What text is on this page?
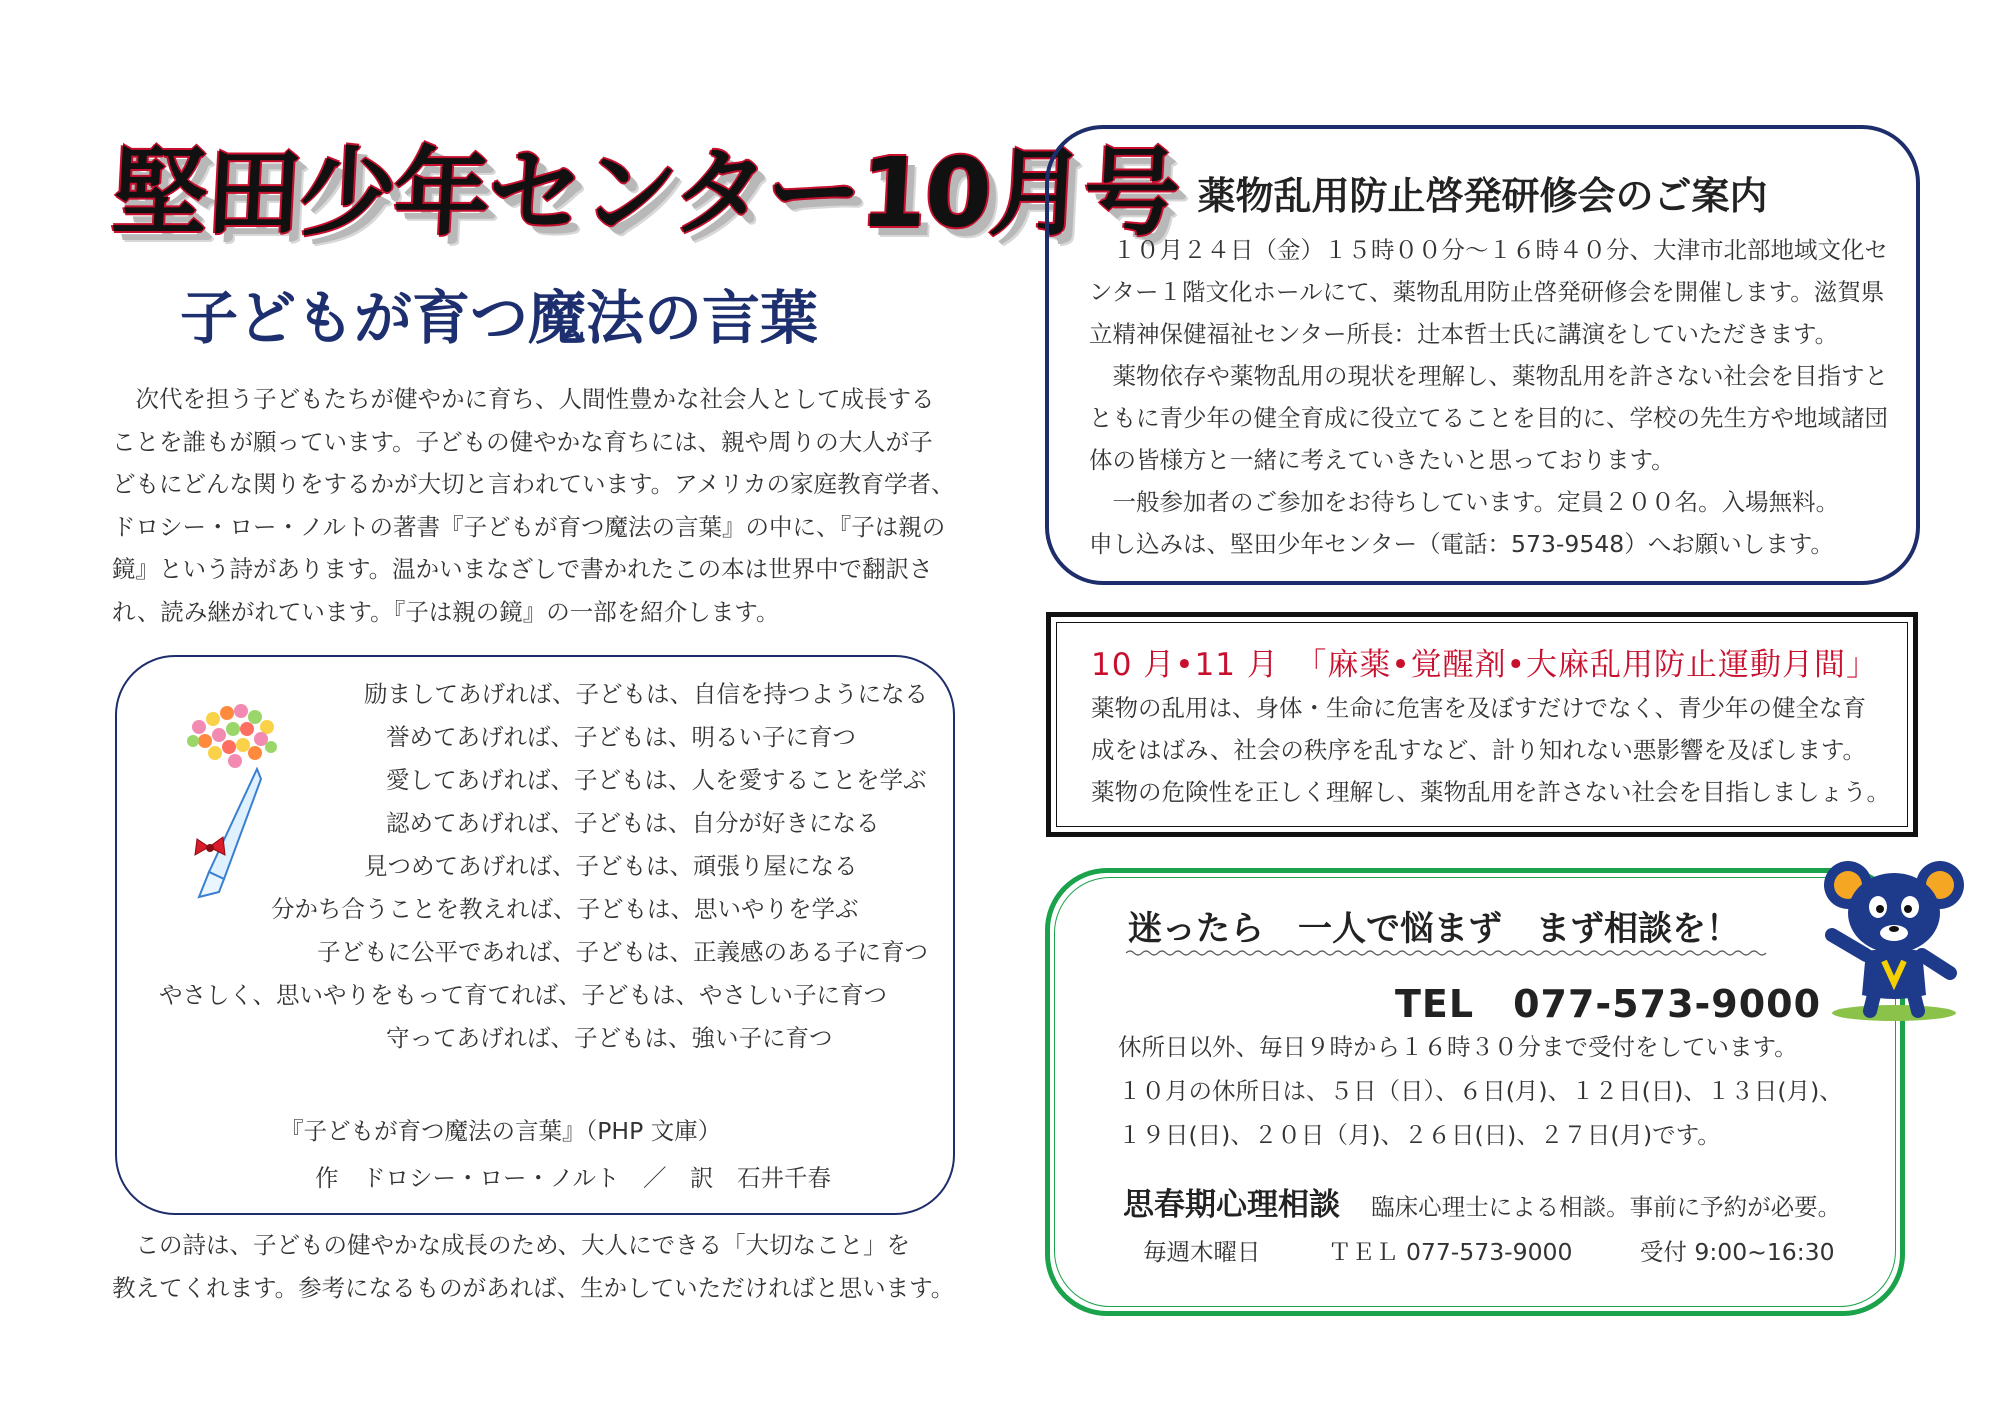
堅田少年センター10月号
子どもが育つ魔法の言葉
次代を担う子どもたちが健やかに育ち、人間性豊かな社会人として成長する
ことを誰もが願っています。子どもの健やかな育ちには、親や周りの大人が子
どもにどんな関りをするかが大切と言われています。アメリカの家庭教育学者、
ドロシー・ロー・ノルトの著書『子どもが育つ魔法の言葉』の中に、『子は親の
鏡』という詩があります。温かいまなざしで書かれたこの本は世界中で翻訳さ
れ、読み継がれています。『子は親の鏡』の一部を紹介します。
励ましてあげれば、子どもは、自信を持つようになる
誉めてあげれば、子どもは、明るい子に育つ
愛してあげれば、子どもは、人を愛することを学ぶ
認めてあげれば、子どもは、自分が好きになる
見つめてあげれば、子どもは、頑張り屋になる
分かち合うことを教えれば、子どもは、思いやりを学ぶ
子どもに公平であれば、子どもは、正義感のある子に育つ
やさしく、思いやりをもって育てれば、子どもは、やさしい子に育つ
守ってあげれば、子どもは、強い子に育つ
『子どもが育つ魔法の言葉』（PHP 文庫）
作　ドロシー・ロー・ノルト　／　訳　石井千春
この詩は、子どもの健やかな成長のため、大人にできる「大切なこと」を
教えてくれます。参考になるものがあれば、生かしていただければと思います。
薬物乱用防止啓発研修会のご案内
１０月２４日（金）１５時００分～１６時４０分、大津市北部地域文化セ
ンター１階文化ホールにて、薬物乱用防止啓発研修会を開催します。滋賀県
立精神保健福祉センター所長：辻本哲士氏に講演をしていただきます。
薬物依存や薬物乱用の現状を理解し、薬物乱用を許さない社会を目指すと
ともに青少年の健全育成に役立てることを目的に、学校の先生方や地域諸団
体の皆様方と一緒に考えていきたいと思っております。
一般参加者のご参加をお待ちしています。定員２００名。入場無料。
申し込みは、堅田少年センター（電話：573-9548）へお願いします。
10 月•11 月　「麻薬•覚醒剤•大麻乱用防止運動月間」
薬物の乱用は、身体・生命に危害を及ぼすだけでなく、青少年の健全な育
成をはばみ、社会の秩序を乱すなど、計り知れない悪影響を及ぼします。
薬物の危険性を正しく理解し、薬物乱用を許さない社会を目指しましょう。
迷ったら　一人で悩まず　まず相談を！
TEL　077-573-9000
休所日以外、毎日９時から１６時３０分まで受付をしています。
１０月の休所日は、５日（日）、６日(月)、１２日(日)、１３日(月)、
１９日(日)、２０日（月)、２６日(日)、２７日(月)です。
思春期心理相談 臨床心理士による相談。事前に予約が必要。
毎週木曜日	ＴＥＬ 077-573-9000	受付 9:00~16:30
